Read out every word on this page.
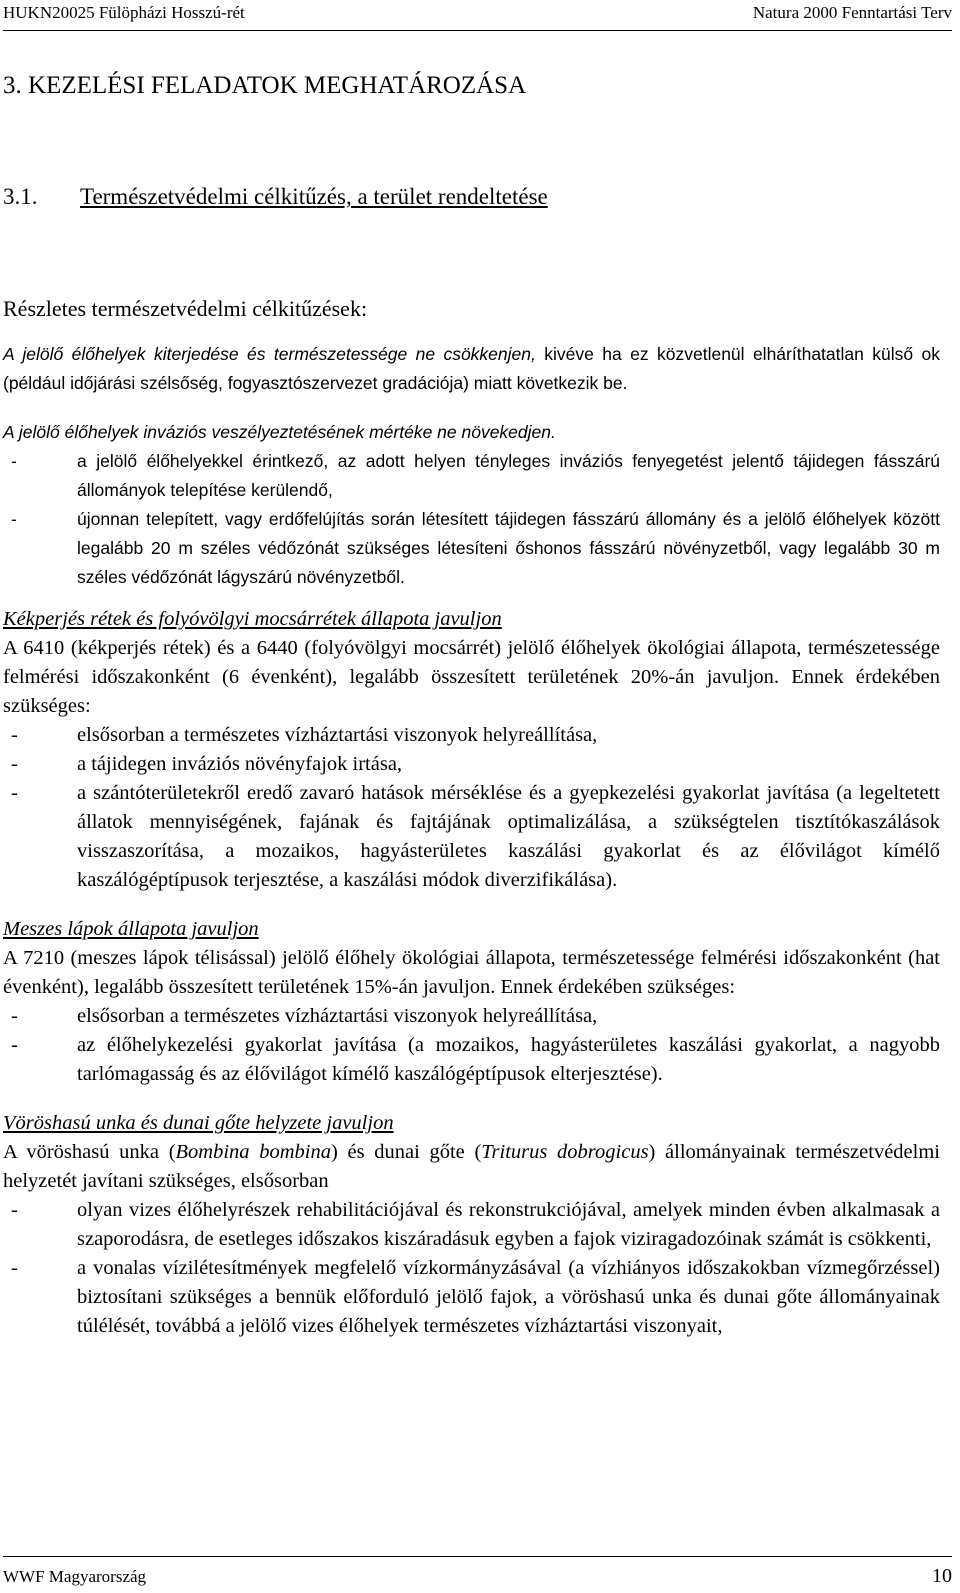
HUKN20025 Fülöpházi Hosszú-rét	Natura 2000 Fenntartási Terv
3. KEZELÉSI FELADATOK MEGHATÁROZÁSA
3.1. Természetvédelmi célkitűzés, a terület rendeltetése
Részletes természetvédelmi célkitűzések:

A jelölő élőhelyek kiterjedése és természetessége ne csökkenjen, kivéve ha ez közvetlenül elháríthatatlan külső ok (például időjárási szélsőség, fogyasztószervezet gradációja) miatt következik be.

A jelölő élőhelyek inváziós veszélyeztetésének mértéke ne növekedjen.

-	a jelölő élőhelyekkel érintkező, az adott helyen tényleges inváziós fenyegetést jelentő tájidegen fásszárú állományok telepítése kerülendő,
-	újonnan telepített, vagy erdőfelújítás során létesített tájidegen fásszárú állomány és a jelölő élőhelyek között legalább 20 m széles védőzónát szükséges létesíteni őshonos fásszárú növényzetből, vagy legalább 30 m széles védőzónát lágyszárú növényzetből.

Kékperjés rétek és folyóvölgyi mocsárrétek állapota javuljon

A 6410 (kékperjés rétek) és a 6440 (folyóvölgyi mocsárrét) jelölő élőhelyek ökológiai állapota, természetessége felmérési időszakonként (6 évenként), legalább összesített területének 20%-án javuljon. Ennek érdekében szükséges:

-	elsősorban a természetes vízháztartási viszonyok helyreállítása,
-	a tájidegen inváziós növényfajok irtása,
-	a szántóterületekről eredő zavaró hatások mérséklése és a gyepkezelési gyakorlat javítása (a legeltetett állatok mennyiségének, fajának és fajtájának optimalizálása, a szükségtelen tisztítókaszálások visszaszorítása, a mozaikos, hagyásterületes kaszálási gyakorlat és az élővilágot kímélő kaszálógéptípusok terjesztése, a kaszálási módok diverzifikálása).

Meszes lápok állapota javuljon

A 7210 (meszes lápok télisással) jelölő élőhely ökológiai állapota, természetessége felmérési időszakonként (hat évenként), legalább összesített területének 15%-án javuljon. Ennek érdekében szükséges:

-	elsősorban a természetes vízháztartási viszonyok helyreállítása,
-	az élőhelykezelési gyakorlat javítása (a mozaikos, hagyásterületes kaszálási gyakorlat, a nagyobb tarlómagasság és az élővilágot kímélő kaszálógéptípusok elterjesztése).

Vöröshasú unka és dunai gőte helyzete javuljon

A vöröshasú unka (Bombina bombina) és dunai gőte (Triturus dobrogicus) állományainak természetvédelmi helyzetét javítani szükséges, elsősorban

-	olyan vizes élőhelyrészek rehabilitációjával és rekonstrukciójával, amelyek minden évben alkalmasak a szaporodásra, de esetleges időszakos kiszáradásuk egyben a fajok viziragadozóinak számát is csökkenti,
-	a vonalas vízilétesítmények megfelelő vízkormányzásával (a vízhiányos időszakokban vízmegőrzéssel) biztosítani szükséges a bennük előforduló jelölő fajok, a vöröshasú unka és dunai gőte állományainak túlélését, továbbá a jelölő vizes élőhelyek természetes vízháztartási viszonyait,
WWF Magyarország	10
